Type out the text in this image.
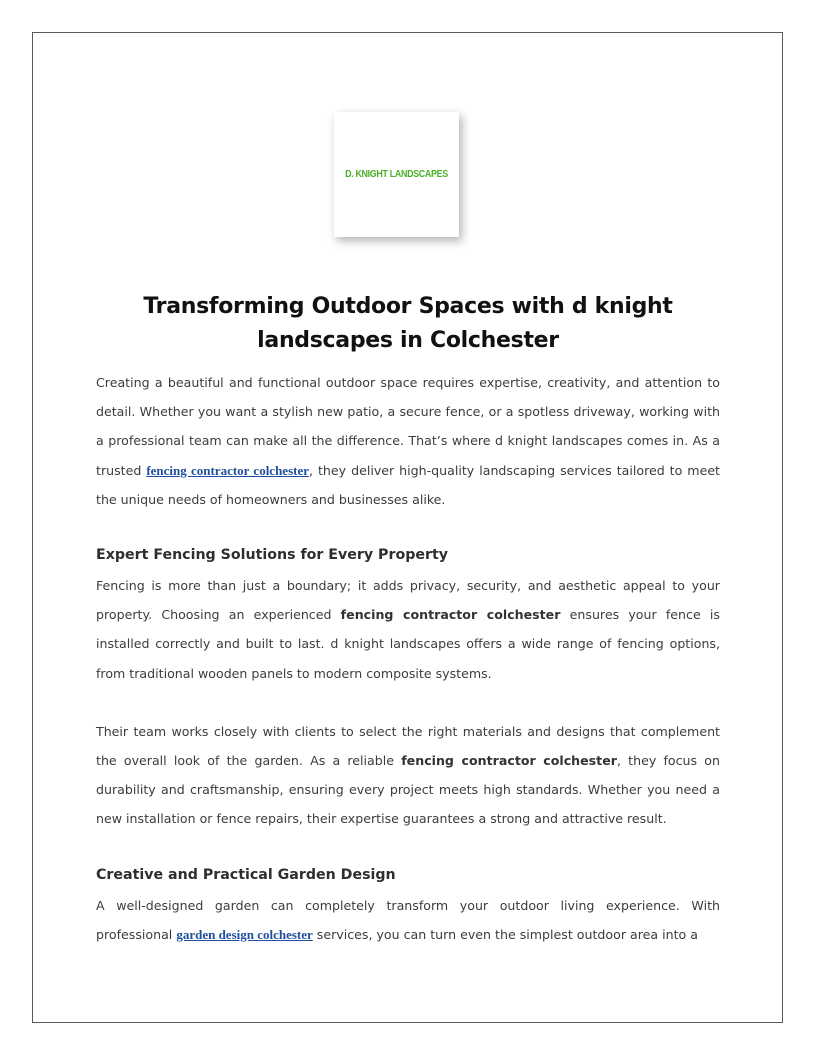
D. KNIGHT LANDSCAPES
Transforming Outdoor Spaces with d knight landscapes in Colchester

Creating a beautiful and functional outdoor space requires expertise, creativity, and attention to detail. Whether you want a stylish new patio, a secure fence, or a spotless driveway, working with a professional team can make all the difference. That’s where d knight landscapes comes in. As a trusted fencing contractor colchester, they deliver high-quality landscaping services tailored to meet the unique needs of homeowners and businesses alike.

Expert Fencing Solutions for Every Property

Fencing is more than just a boundary; it adds privacy, security, and aesthetic appeal to your property. Choosing an experienced fencing contractor colchester ensures your fence is installed correctly and built to last. d knight landscapes offers a wide range of fencing options, from traditional wooden panels to modern composite systems.

Their team works closely with clients to select the right materials and designs that complement the overall look of the garden. As a reliable fencing contractor colchester, they focus on durability and craftsmanship, ensuring every project meets high standards. Whether you need a new installation or fence repairs, their expertise guarantees a strong and attractive result.

Creative and Practical Garden Design

A well-designed garden can completely transform your outdoor living experience. With professional garden design colchester services, you can turn even the simplest outdoor area into a
